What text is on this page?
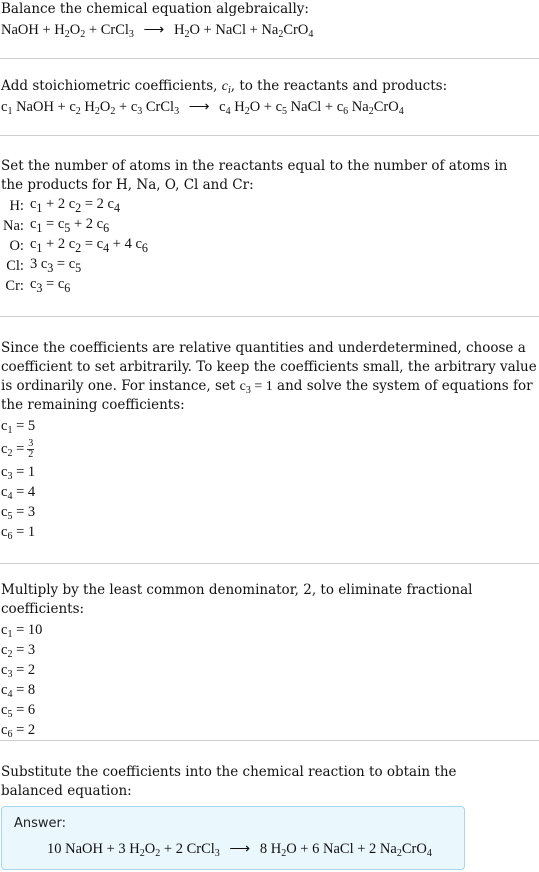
Balance the chemical equation algebraically:
NaOH + $H_2O_2$ + CrCl$_3$ ⟶ $H_2O$ + NaCl + $Na_2CrO_4$
Add stoichiometric coefficients, $c_i$, to the reactants and products:
$c_1$ NaOH + $c_2$ $H_2O_2 + c_3$ CrCl$_3$ ⟶ $c_4$ $H_2O + c_5$ NaCl + $c_6$ $Na_2CrO_4$
Set the number of atoms in the reactants equal to the number of atoms in the products for H, Na, O, Cl and Cr:
H:	$c_1 + 2$ $c_2 = 2$ $c_4$
Na:	$c_1 = c_5 + 2$ $c_6$
O:	$c_1 + 2$ $c_2 = c_4 + 4$ $c_6$
Cl:	3 $c_3 = c_5$
Cr:	$c_3 = c_6$
Since the coefficients are relative quantities and underdetermined, choose a coefficient to set arbitrarily. To keep the coefficients small, the arbitrary value is ordinarily one. For instance, set $c_3 = 1$ and solve the system of equations for the remaining coefficients:
$c_1 = 5$
$c_2 = \frac{3}{2}$
$c_3 = 1$
$c_4 = 4$
$c_5 = 3$
$c_6 = 1$
Multiply by the least common denominator, 2, to eliminate fractional coefficients:
$c_1 = 10$
$c_2 = 3$
$c_3 = 2$
$c_4 = 8$
$c_5 = 6$
$c_6 = 2$
Substitute the coefficients into the chemical reaction to obtain the balanced equation:
Answer:
10 NaOH + 3 $H_2O_2 + 2$ CrCl$_3$ ⟶ 8 $H_2O + 6$ NaCl + 2 $Na_2CrO_4$
